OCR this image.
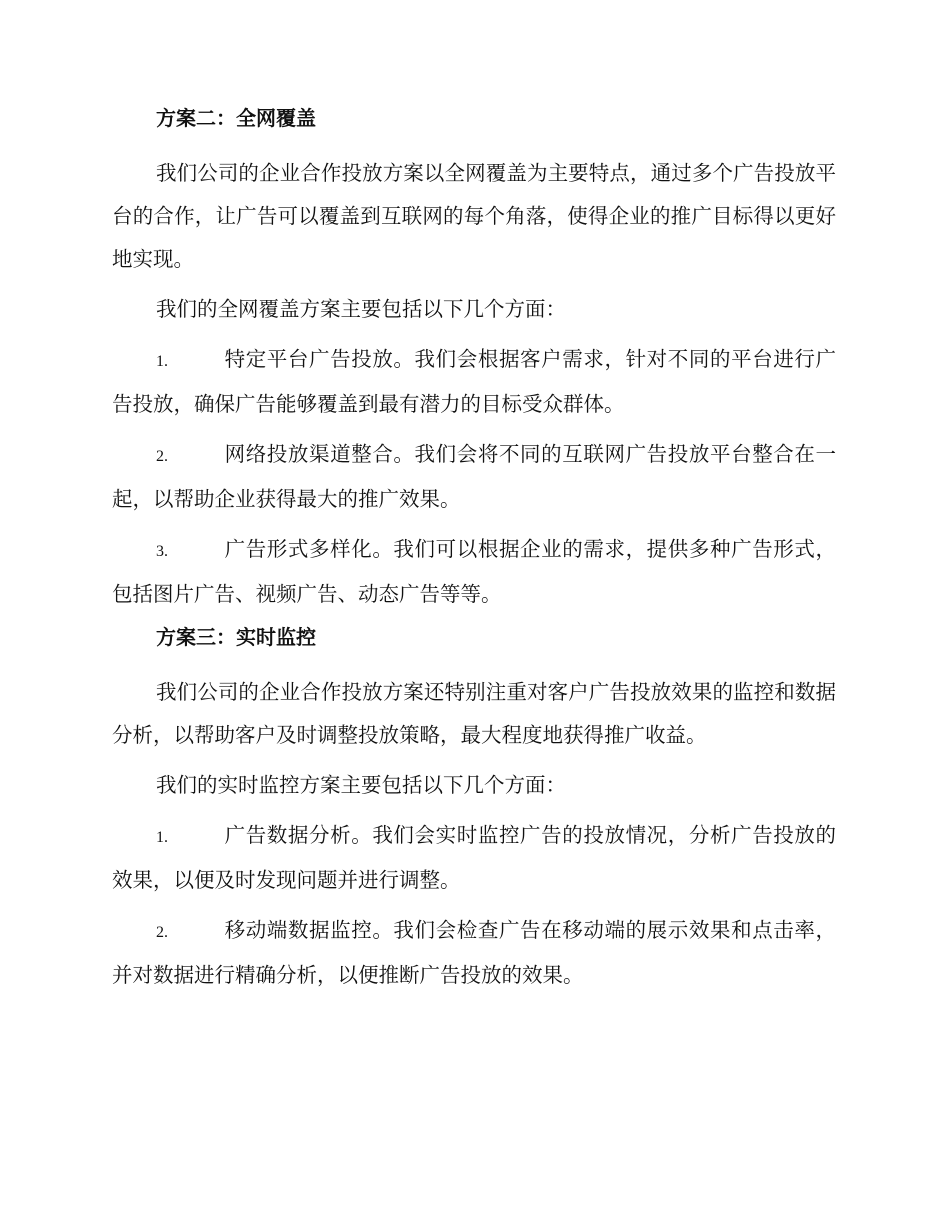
方案二：全网覆盖

我们公司的企业合作投放方案以全网覆盖为主要特点，通过多个广告投放平台的合作，让广告可以覆盖到互联网的每个角落，使得企业的推广目标得以更好地实现。

我们的全网覆盖方案主要包括以下几个方面：

1.	特定平台广告投放。我们会根据客户需求，针对不同的平台进行广告投放，确保广告能够覆盖到最有潜力的目标受众群体。

2.	网络投放渠道整合。我们会将不同的互联网广告投放平台整合在一起，以帮助企业获得最大的推广效果。

3.	广告形式多样化。我们可以根据企业的需求，提供多种广告形式，包括图片广告、视频广告、动态广告等等。

方案三：实时监控

我们公司的企业合作投放方案还特别注重对客户广告投放效果的监控和数据分析，以帮助客户及时调整投放策略，最大程度地获得推广收益。

我们的实时监控方案主要包括以下几个方面：

1.	广告数据分析。我们会实时监控广告的投放情况，分析广告投放的效果，以便及时发现问题并进行调整。

2.	移动端数据监控。我们会检查广告在移动端的展示效果和点击率，并对数据进行精确分析，以便推断广告投放的效果。
